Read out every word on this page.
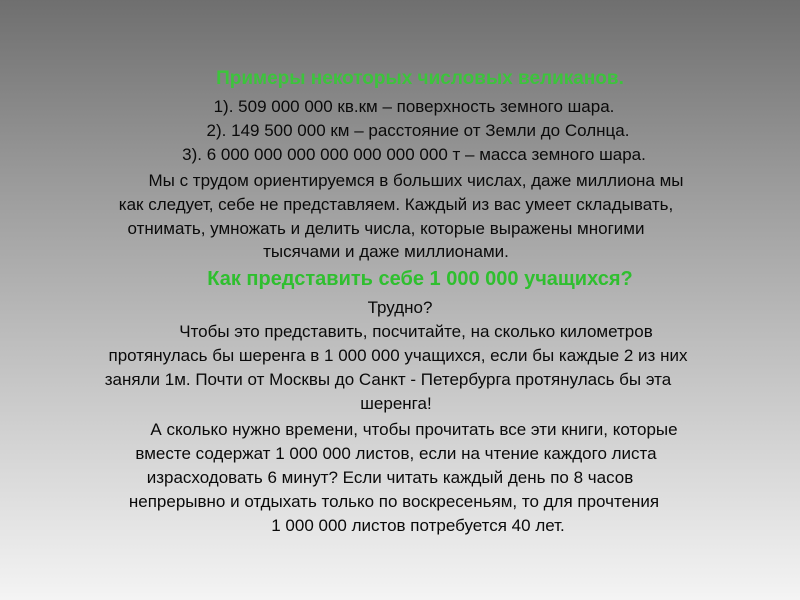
Примеры некоторых числовых великанов.
1). 509 000 000 кв.км – поверхность земного шара.
2). 149 500 000 км – расстояние от Земли до Солнца.
3). 6 000 000 000 000 000 000 000 т – масса земного шара.
Мы с трудом ориентируемся в больших числах, даже миллиона мы
как следует, себе не представляем. Каждый из вас умеет складывать,
отнимать, умножать и делить числа, которые выражены многими
тысячами и даже миллионами.
Как представить себе 1 000 000 учащихся?
Трудно?
Чтобы это представить, посчитайте, на сколько километров
протянулась бы шеренга в 1 000 000 учащихся, если бы каждые 2 из них
заняли 1м. Почти от Москвы до Санкт - Петербурга протянулась бы эта
шеренга!
А сколько нужно времени, чтобы прочитать все эти книги, которые
вместе содержат 1 000 000 листов, если на чтение каждого листа
израсходовать 6 минут? Если читать каждый день по 8 часов
непрерывно и отдыхать только по воскресеньям, то для прочтения
1 000 000 листов потребуется 40 лет.
